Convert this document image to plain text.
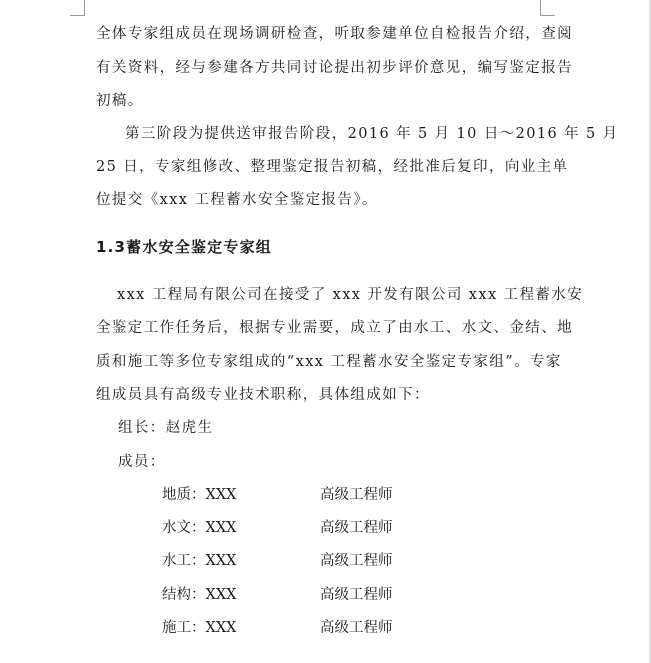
全体专家组成员在现场调研检查，听取参建单位自检报告介绍，查阅
有关资料，经与参建各方共同讨论提出初步评价意见，编写鉴定报告
初稿。
第三阶段为提供送审报告阶段，2016 年 5 月 10 日～2016 年 5 月
25 日，专家组修改、整理鉴定报告初稿，经批准后复印，向业主单
位提交《xxx 工程蓄水安全鉴定报告》。
1.3蓄水安全鉴定专家组
xxx 工程局有限公司在接受了 xxx 开发有限公司 xxx 工程蓄水安
全鉴定工作任务后，根据专业需要，成立了由水工、水文、金结、地
质和施工等多位专家组成的“xxx 工程蓄水安全鉴定专家组”。专家
组成员具有高级专业技术职称，具体组成如下：
组长：赵虎生
成员：
地质：XXX	高级工程师
水文：XXX	高级工程师
水工：XXX	高级工程师
结构：XXX	高级工程师
施工：XXX	高级工程师
